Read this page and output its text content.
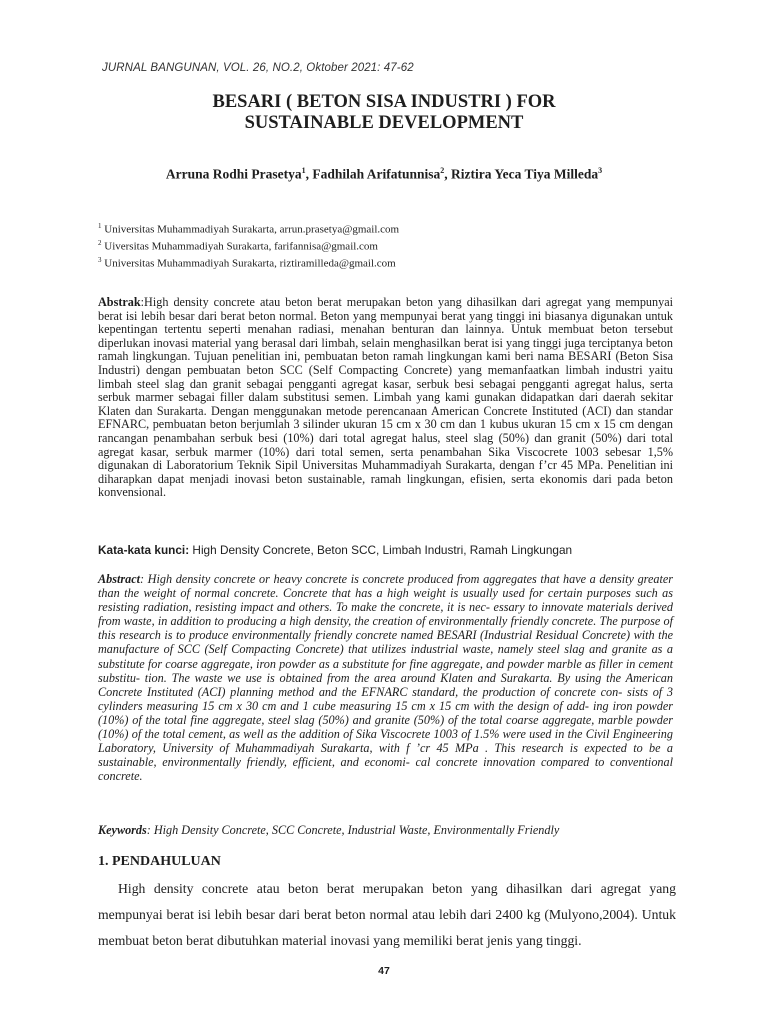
JURNAL BANGUNAN, VOL. 26, NO.2, Oktober 2021: 47-62
BESARI ( BETON SISA INDUSTRI ) FOR
SUSTAINABLE DEVELOPMENT
Arruna Rodhi Prasetya$^1$, Fadhilah Arifatunnisa$^2$, Riztira Yeca Tiya Milleda$^3$
$^1$ Universitas Muhammadiyah Surakarta, arrun.prasetya@gmail.com
$^2$ Uiversitas Muhammadiyah Surakarta, farifannisa@gmail.com
$^3$ Universitas Muhammadiyah Surakarta, riztiramilleda@gmail.com
Abstrak:High density concrete atau beton berat merupakan beton yang dihasilkan dari agregat yang mempunyai berat isi lebih besar dari berat beton normal. Beton yang mempunyai berat yang tinggi ini biasanya digunakan untuk kepentingan tertentu seperti menahan radiasi, menahan benturan dan lainnya. Untuk membuat beton tersebut diperlukan inovasi material yang berasal dari limbah, selain menghasilkan berat isi yang tinggi juga terciptanya beton ramah lingkungan. Tujuan penelitian ini, pembuatan beton ramah lingkungan kami beri nama BESARI (Beton Sisa Industri) dengan pembuatan beton SCC (Self Compacting Concrete) yang memanfaatkan limbah industri yaitu limbah steel slag dan granit sebagai pengganti agregat kasar, serbuk besi sebagai pengganti agregat halus, serta serbuk marmer sebagai filler dalam substitusi semen. Limbah yang kami gunakan didapatkan dari daerah sekitar Klaten dan Surakarta. Dengan menggunakan metode perencanaan American Concrete Instituted (ACI) dan standar EFNARC, pembuatan beton berjumlah 3 silinder ukuran 15 cm x 30 cm dan 1 kubus ukuran 15 cm x 15 cm dengan rancangan penambahan serbuk besi (10%) dari total agregat halus, steel slag (50%) dan granit (50%) dari total agregat kasar, serbuk marmer (10%) dari total semen, serta penambahan Sika Viscocrete 1003 sebesar 1,5% digunakan di Laboratorium Teknik Sipil Universitas Muhammadiyah Surakarta, dengan f’cr 45 MPa. Penelitian ini diharapkan dapat menjadi inovasi beton sustainable, ramah lingkungan, efisien, serta ekonomis dari pada beton konvensional.
Kata-kata kunci: High Density Concrete, Beton SCC, Limbah Industri, Ramah Lingkungan
Abstract: High density concrete or heavy concrete is concrete produced from aggregates that have a density greater than the weight of normal concrete. Concrete that has a high weight is usually used for certain purposes such as resisting radiation, resisting impact and others. To make the concrete, it is nec- essary to innovate materials derived from waste, in addition to producing a high density, the creation of environmentally friendly concrete. The purpose of this research is to produce environmentally friendly concrete named BESARI (Industrial Residual Concrete) with the manufacture of SCC (Self Compacting Concrete) that utilizes industrial waste, namely steel slag and granite as a substitute for coarse aggregate, iron powder as a substitute for fine aggregate, and powder marble as filler in cement substitu- tion. The waste we use is obtained from the area around Klaten and Surakarta. By using the American Concrete Instituted (ACI) planning method and the EFNARC standard, the production of concrete con- sists of 3 cylinders measuring 15 cm x 30 cm and 1 cube measuring 15 cm x 15 cm with the design of add- ing iron powder (10%) of the total fine aggregate, steel slag (50%) and granite (50%) of the total coarse aggregate, marble powder (10%) of the total cement, as well as the addition of Sika Viscocrete 1003 of 1.5% were used in the Civil Engineering Laboratory, University of Muhammadiyah Surakarta, with f ’cr 45 MPa . This research is expected to be a sustainable, environmentally friendly, efficient, and economi- cal concrete innovation compared to conventional concrete.
Keywords: High Density Concrete, SCC Concrete, Industrial Waste, Environmentally Friendly
1. PENDAHULUAN
High density concrete atau beton berat merupakan beton yang dihasilkan dari agregat yang mempunyai berat isi lebih besar dari berat beton normal atau lebih dari 2400 kg (Mulyono,2004). Untuk membuat beton berat dibutuhkan material inovasi yang memiliki berat jenis yang tinggi.
47
